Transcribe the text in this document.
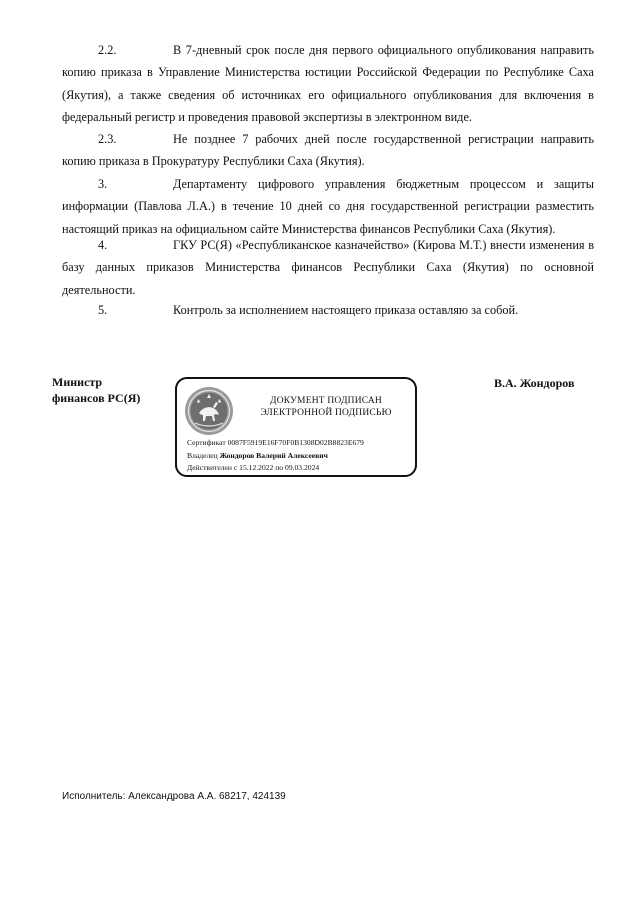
2.2.	В 7-дневный срок после дня первого официального опубликования направить копию приказа в Управление Министерства юстиции Российской Федерации по Республике Саха (Якутия), а также сведения об источниках его официального опубликования для включения в федеральный регистр и проведения правовой экспертизы в электронном виде.

2.3.	Не позднее 7 рабочих дней после государственной регистрации направить копию приказа в Прокуратуру Республики Саха (Якутия).

3.	Департаменту цифрового управления бюджетным процессом и защиты информации (Павлова Л.А.) в течение 10 дней со дня государственной регистрации разместить настоящий приказ на официальном сайте Министерства финансов Республики Саха (Якутия).

4.	ГКУ РС(Я) «Республиканское казначейство» (Кирова М.Т.) внести изменения в базу данных приказов Министерства финансов Республики Саха (Якутия) по основной деятельности.

5.	Контроль за исполнением настоящего приказа оставляю за собой.

Министр
финансов РС(Я)	ДОКУМЕНТ ПОДПИСАН
ЭЛЕКТРОННОЙ ПОДПИСЬЮ
Сертификат 0087F5919E16F70F0B1308D02B8823E679
Владелец Жондоров Валерий Алексеевич
Действителен с 15.12.2022 по 09.03.2024
В.А. Жондоров
Исполнитель: Александрова А.А. 68217, 424139
